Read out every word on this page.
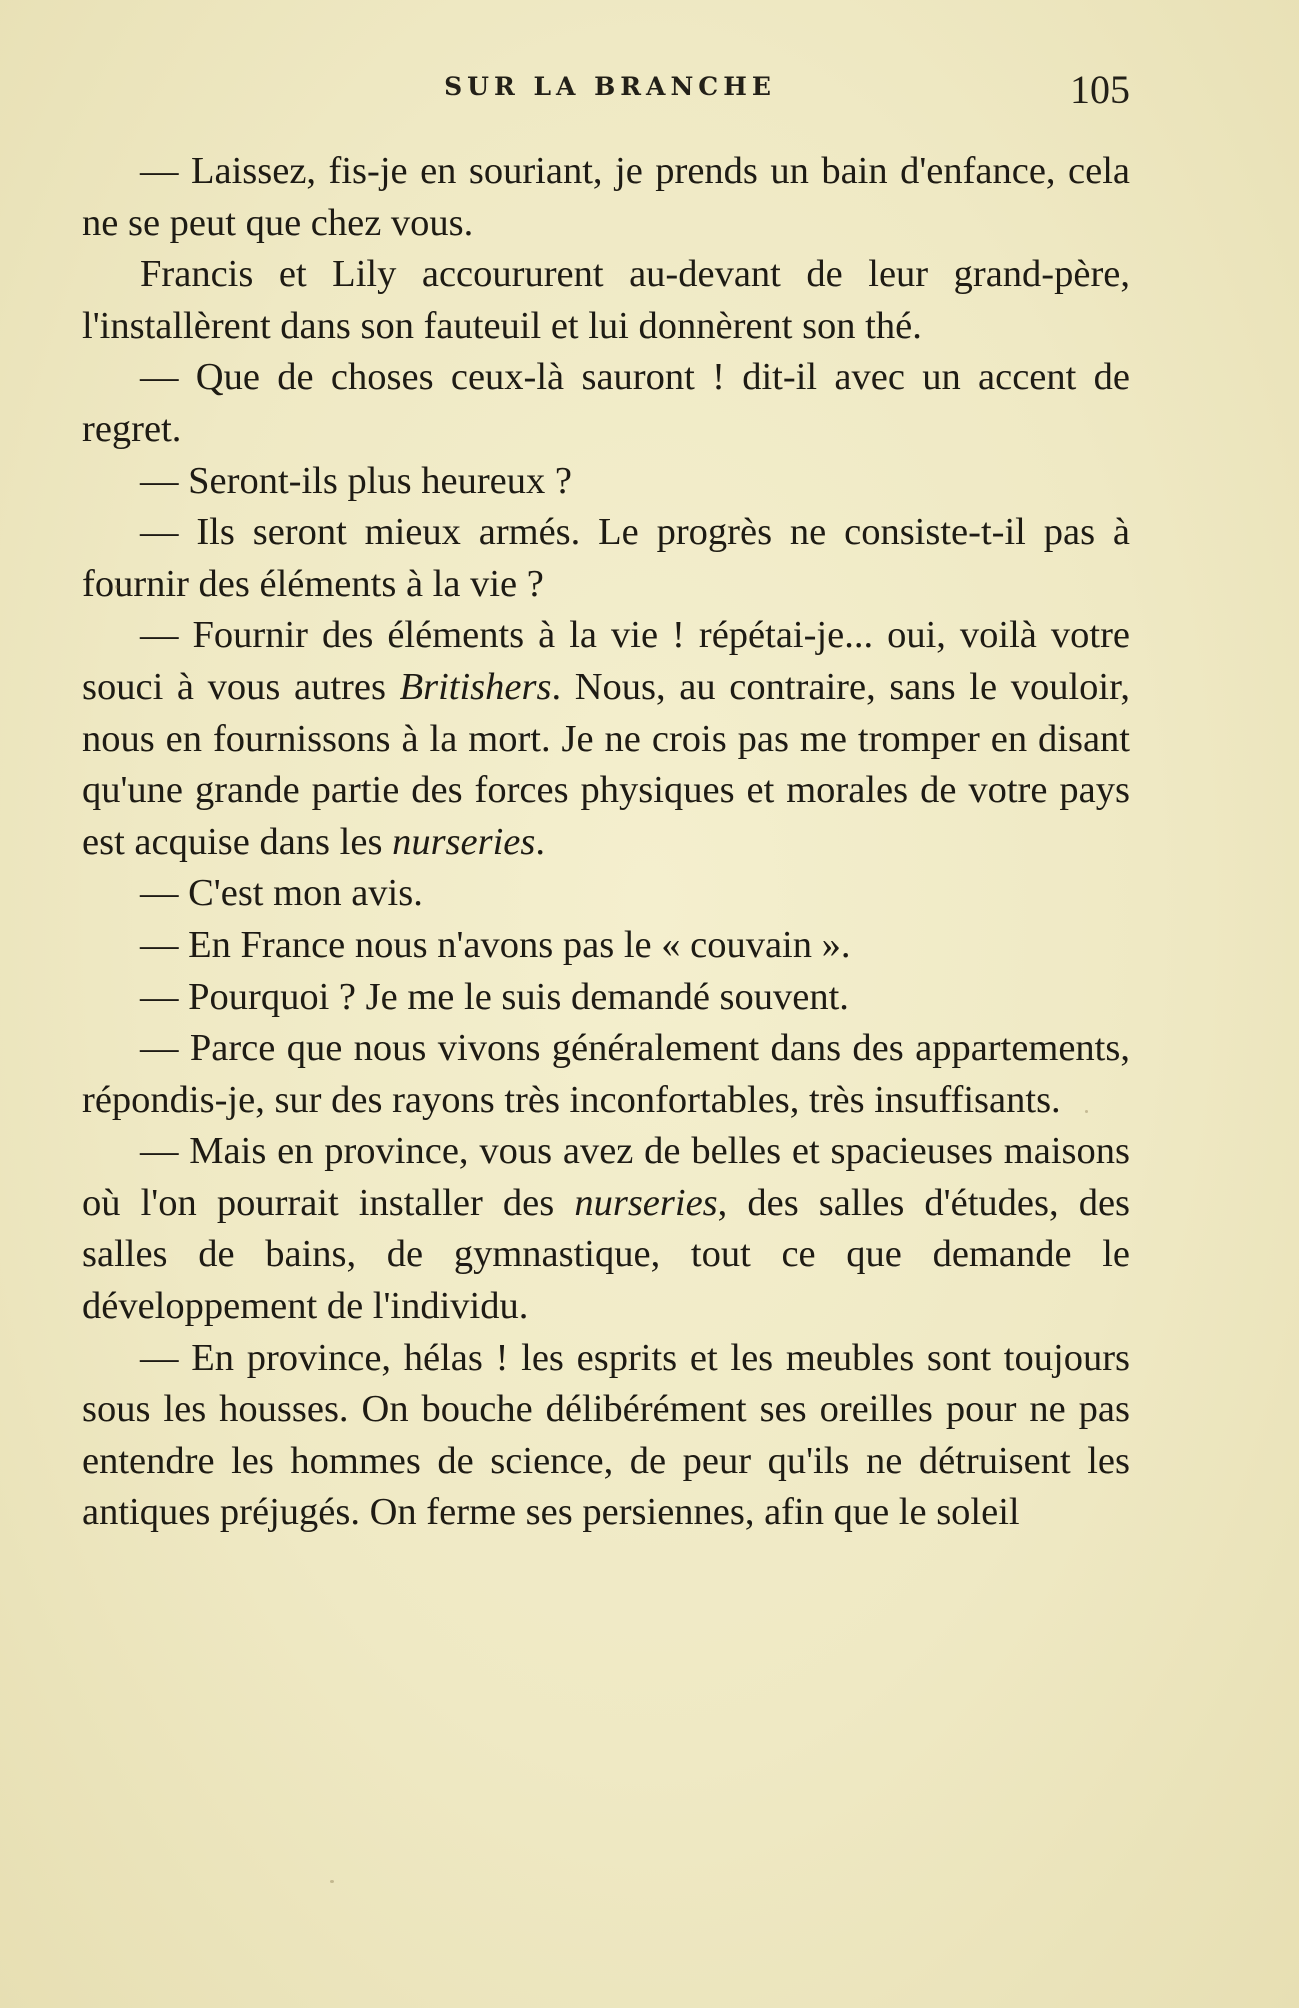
SUR LA BRANCHE	105

— Laissez, fis-je en souriant, je prends un bain d'enfance, cela ne se peut que chez vous.

Francis et Lily accoururent au-devant de leur grand-père, l'installèrent dans son fauteuil et lui donnèrent son thé.

— Que de choses ceux-là sauront ! dit-il avec un accent de regret.

— Seront-ils plus heureux ?

— Ils seront mieux armés. Le progrès ne consiste-t-il pas à fournir des éléments à la vie ?

— Fournir des éléments à la vie ! répétai-je... oui, voilà votre souci à vous autres Britishers. Nous, au contraire, sans le vouloir, nous en fournissons à la mort. Je ne crois pas me tromper en disant qu'une grande partie des forces physiques et morales de votre pays est acquise dans les nurseries.

— C'est mon avis.

— En France nous n'avons pas le « couvain ».

— Pourquoi ? Je me le suis demandé souvent.

— Parce que nous vivons généralement dans des appartements, répondis-je, sur des rayons très inconfortables, très insuffisants.

— Mais en province, vous avez de belles et spacieuses maisons où l'on pourrait installer des nurseries, des salles d'études, des salles de bains, de gymnastique, tout ce que demande le développement de l'individu.

— En province, hélas ! les esprits et les meubles sont toujours sous les housses. On bouche délibérément ses oreilles pour ne pas entendre les hommes de science, de peur qu'ils ne détruisent les antiques préjugés. On ferme ses persiennes, afin que le soleil
